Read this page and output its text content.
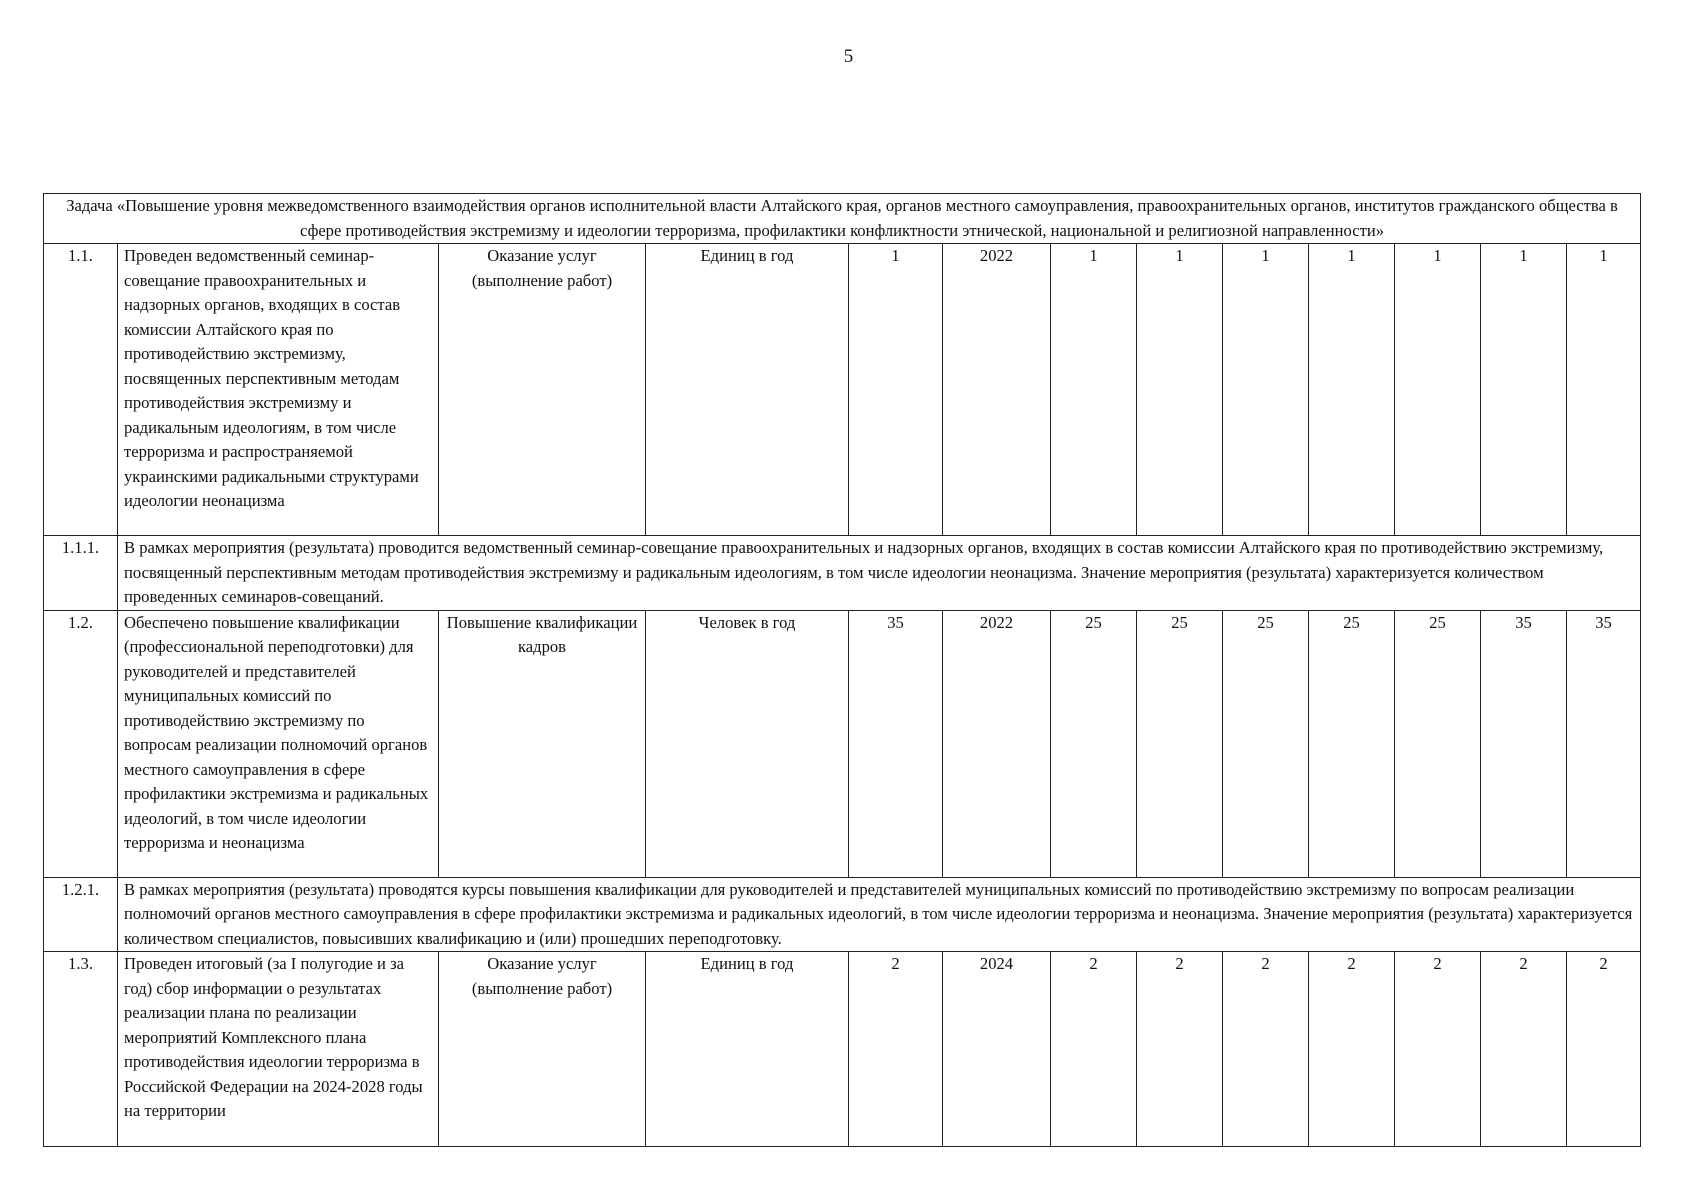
5
Задача «Повышение уровня межведомственного взаимодействия органов исполнительной власти Алтайского края, органов местного самоуправления, правоохранительных органов, институтов гражданского общества в сфере противодействия экстремизму и идеологии терроризма, профилактики конфликтности этнической, национальной и религиозной направленности»												
1.1.	Проведен ведомственный семинар-совещание правоохранительных и надзорных органов, входящих в состав комиссии Алтайского края по противодействию экстремизму, посвященных перспективным методам противодействия экстремизму и радикальным идеологиям, в том числе терроризма и распространяемой украинскими радикальными структурами идеологии неонацизма	Оказание услуг (выполнение работ)	Единиц в год	1	2022	1	1	1	1	1	1	1
1.1.1.	В рамках мероприятия (результата) проводится ведомственный семинар-совещание правоохранительных и надзорных органов, входящих в состав комиссии Алтайского края по противодействию экстремизму, посвященный перспективным методам противодействия экстремизму и радикальным идеологиям, в том числе идеологии неонацизма. Значение мероприятия (результата) характеризуется количеством проведенных семинаров-совещаний.											
1.2.	Обеспечено повышение квалификации (профессиональной переподготовки) для руководителей и представителей муниципальных комиссий по противодействию экстремизму по вопросам реализации полномочий органов местного самоуправления в сфере профилактики экстремизма и радикальных идеологий, в том числе идеологии терроризма и неонацизма	Повышение квалификации кадров	Человек в год	35	2022	25	25	25	25	25	35	35
1.2.1.	В рамках мероприятия (результата) проводятся курсы повышения квалификации для руководителей и представителей муниципальных комиссий по противодействию экстремизму по вопросам реализации полномочий органов местного самоуправления в сфере профилактики экстремизма и радикальных идеологий, в том числе идеологии терроризма и неонацизма. Значение мероприятия (результата) характеризуется количеством специалистов, повысивших квалификацию и (или) прошедших переподготовку.											
1.3.	Проведен итоговый (за I полугодие и за год) сбор информации о результатах реализации плана по реализации мероприятий Комплексного плана противодействия идеологии терроризма в Российской Федерации на 2024-2028 годы на территории	Оказание услуг (выполнение работ)	Единиц в год	2	2024	2	2	2	2	2	2	2
